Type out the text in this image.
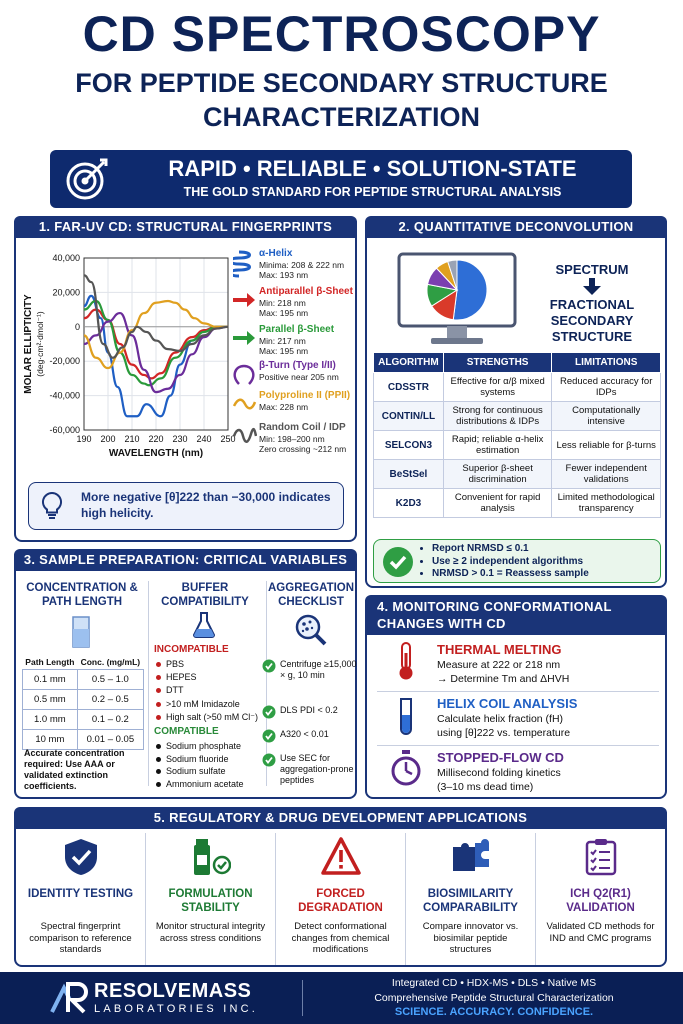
CD SPECTROSCOPY
FOR PEPTIDE SECONDARY STRUCTURE
CHARACTERIZATION
RAPID • RELIABLE • SOLUTION-STATE
THE GOLD STANDARD FOR PEPTIDE STRUCTURAL ANALYSIS
1. FAR-UV CD: STRUCTURAL FINGERPRINTS
190 200 210 220 230 240 250
40,000
20,000
0
-20,000
-40,000
-60,000
WAVELENGTH (nm)
MOLAR ELLIPTICITY (deg·cm²·dmol⁻¹)
α-Helix
Minima: 208 & 222 nm
Max: 193 nm
Antiparallel β-Sheet
Min: 218 nm
Max: 195 nm
Parallel β-Sheet
Min: 217 nm
Max: 195 nm
β-Turn (Type I/II)
Positive near 205 nm
Polyproline II (PPII)
Max: 228 nm
Random Coil / IDP
Min: 198–200 nm
Zero crossing ~212 nm
More negative [θ]222 than −30,000 indicates high helicity.
2. QUANTITATIVE DECONVOLUTION
SPECTRUM
FRACTIONAL SECONDARY STRUCTURE
ALGORITHM	STRENGTHS	LIMITATIONS
CDSSTR	Effective for α/β mixed systems	Reduced accuracy for IDPs
CONTIN/LL	Strong for continuous distributions & IDPs	Computationally intensive
SELCON3	Rapid; reliable α-helix estimation	Less reliable for β-turns
BeStSel	Superior β-sheet discrimination	Fewer independent validations
K2D3	Convenient for rapid analysis	Limited methodological transparency
• Report NRMSD ≤ 0.1
• Use ≥ 2 independent algorithms
• NRMSD > 0.1 = Reassess sample
3. SAMPLE PREPARATION: CRITICAL VARIABLES
CONCENTRATION & PATH LENGTH
Path Length	Conc. (mg/mL)
0.1 mm	0.5 – 1.0
0.5 mm	0.2 – 0.5
1.0 mm	0.1 – 0.2
10 mm	0.01 – 0.05
Accurate concentration required: Use AAA or validated extinction coefficients.
BUFFER COMPATIBILITY
INCOMPATIBLE
PBS
HEPES
DTT
>10 mM Imidazole
High salt (>50 mM Cl⁻)
COMPATIBLE
Sodium phosphate
Sodium fluoride
Sodium sulfate
Ammonium acetate
AGGREGATION CHECKLIST
Centrifuge ≥15,000 × g, 10 min
DLS PDI < 0.2
A320 < 0.01
Use SEC for aggregation-prone peptides
4. MONITORING CONFORMATIONAL CHANGES WITH CD
THERMAL MELTING
Measure at 222 or 218 nm
→ Determine Tm and ΔHVH
HELIX COIL ANALYSIS
Calculate helix fraction (fH)
using [θ]222 vs. temperature
STOPPED-FLOW CD
Millisecond folding kinetics
(3–10 ms dead time)
5. REGULATORY & DRUG DEVELOPMENT APPLICATIONS
IDENTITY TESTING
Spectral fingerprint comparison to reference standards
FORMULATION STABILITY
Monitor structural integrity across stress conditions
FORCED DEGRADATION
Detect conformational changes from chemical modifications
BIOSIMILARITY COMPARABILITY
Compare innovator vs. biosimilar peptide structures
ICH Q2(R1) VALIDATION
Validated CD methods for IND and CMC programs
RESOLVEMASS
LABORATORIES INC.
Integrated CD • HDX-MS • DLS • Native MS
Comprehensive Peptide Structural Characterization
SCIENCE. ACCURACY. CONFIDENCE.
